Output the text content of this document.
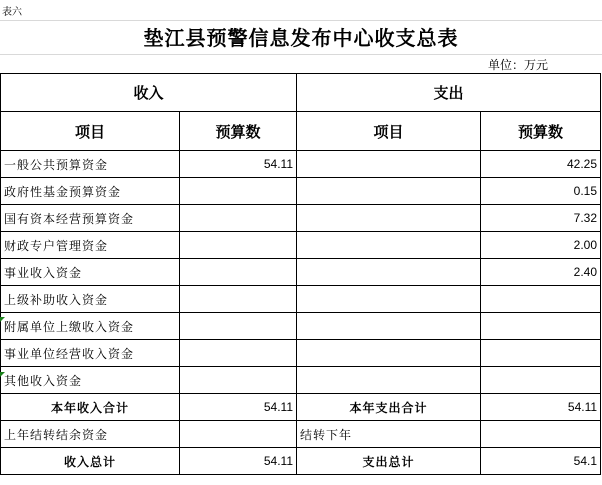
表六
垫江县预警信息发布中心收支总表
单位：万元
收入		支出	
项目	预算数	项目	预算数
一般公共预算资金	54.11		42.25
政府性基金预算资金			0.15
国有资本经营预算资金			7.32
财政专户管理资金			2.00
事业收入资金			2.40
上级补助收入资金			
附属单位上缴收入资金			
事业单位经营收入资金			
其他收入资金			
本年收入合计	54.11	本年支出合计	54.11
上年结转结余资金		结转下年	
收入总计	54.11	支出总计	54.1
